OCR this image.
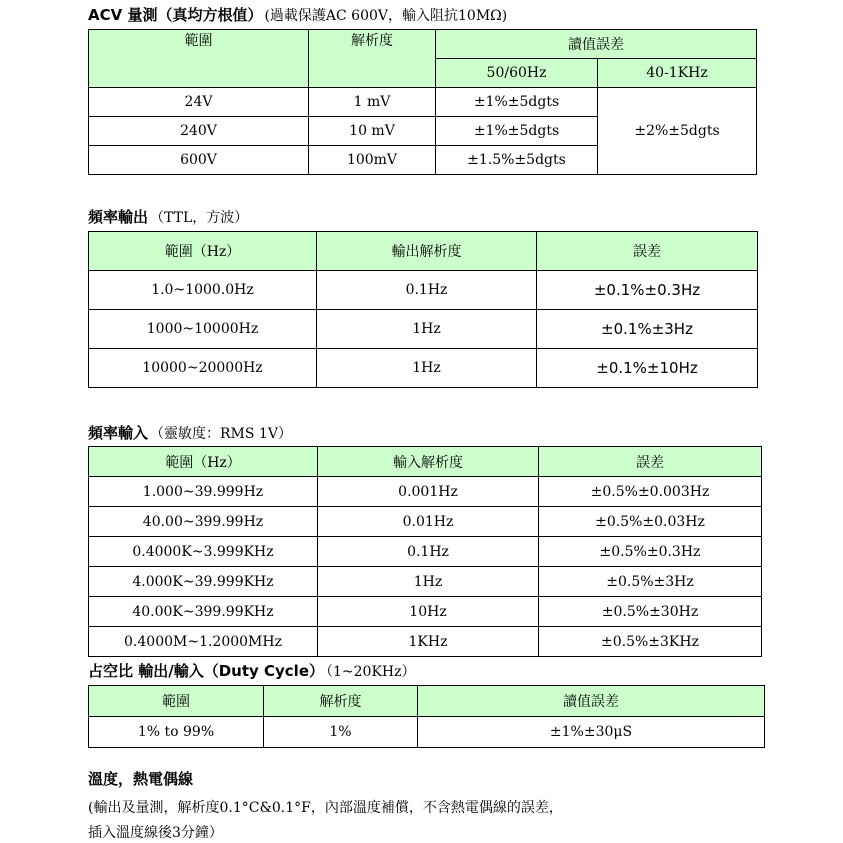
ACV 量測（真均方根值） (過載保護AC 600V，輸入阻抗10MΩ)
範圍	解析度	讀值誤差	
		50/60Hz	40-1KHz
24V	1 mV	±1%±5dgts	±2%±5dgts
240V	10 mV	±1%±5dgts	
600V	100mV	±1.5%±5dgts	
頻率輸出 （TTL，方波）
範圍（Hz）	輸出解析度	誤差
1.0~1000.0Hz	0.1Hz	±0.1%±0.3Hz
1000~10000Hz	1Hz	±0.1%±3Hz
10000~20000Hz	1Hz	±0.1%±10Hz
頻率輸入 （靈敏度：RMS 1V）
範圍（Hz）	輸入解析度	誤差
1.000~39.999Hz	0.001Hz	±0.5%±0.003Hz
40.00~399.99Hz	0.01Hz	±0.5%±0.03Hz
0.4000K~3.999KHz	0.1Hz	±0.5%±0.3Hz
4.000K~39.999KHz	1Hz	±0.5%±3Hz
40.00K~399.99KHz	10Hz	±0.5%±30Hz
0.4000M~1.2000MHz	1KHz	±0.5%±3KHz
占空比 輸出/輸入（Duty Cycle） （1~20KHz）
範圍	解析度	讀值誤差
1% to 99%	1%	±1%±30μS
溫度，熱電偶線
(輸出及量測，解析度0.1°C&0.1°F，內部溫度補償，不含熱電偶線的誤差，
插入溫度線後3分鐘）
